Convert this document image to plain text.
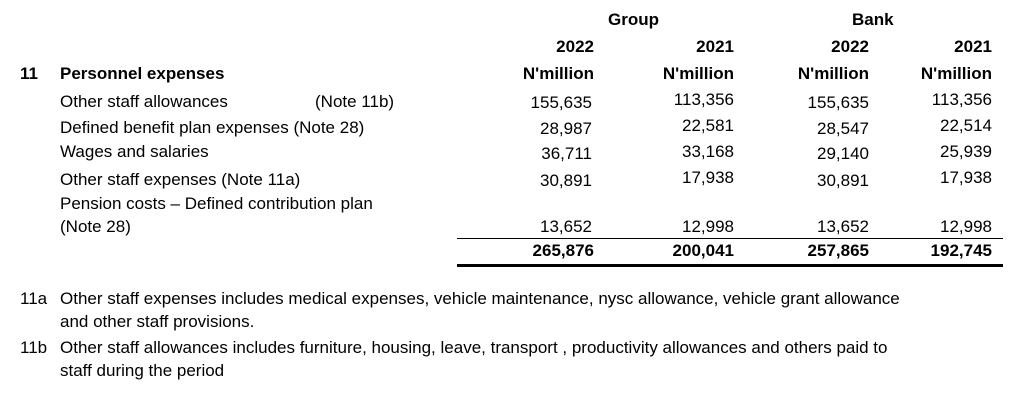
Group	Bank
2022	2021	2022	2021
11 Personnel expenses	N'million	N'million	N'million	N'million
Other staff allowances	(Note 11b)	155,635	113,356	155,635	113,356
Defined benefit plan expenses (Note 28)	28,987	22,581	28,547	22,514
Wages and salaries	36,711	33,168	29,140	25,939
Other staff expenses (Note 11a)	30,891	17,938	30,891	17,938
Pension costs – Defined contribution plan
(Note 28)	13,652	12,998	13,652	12,998
265,876	200,041	257,865	192,745
11a Other staff expenses includes medical expenses, vehicle maintenance, nysc allowance, vehicle grant allowance
and other staff provisions.
11b Other staff allowances includes furniture, housing, leave, transport , productivity allowances and others paid to
staff during the period
